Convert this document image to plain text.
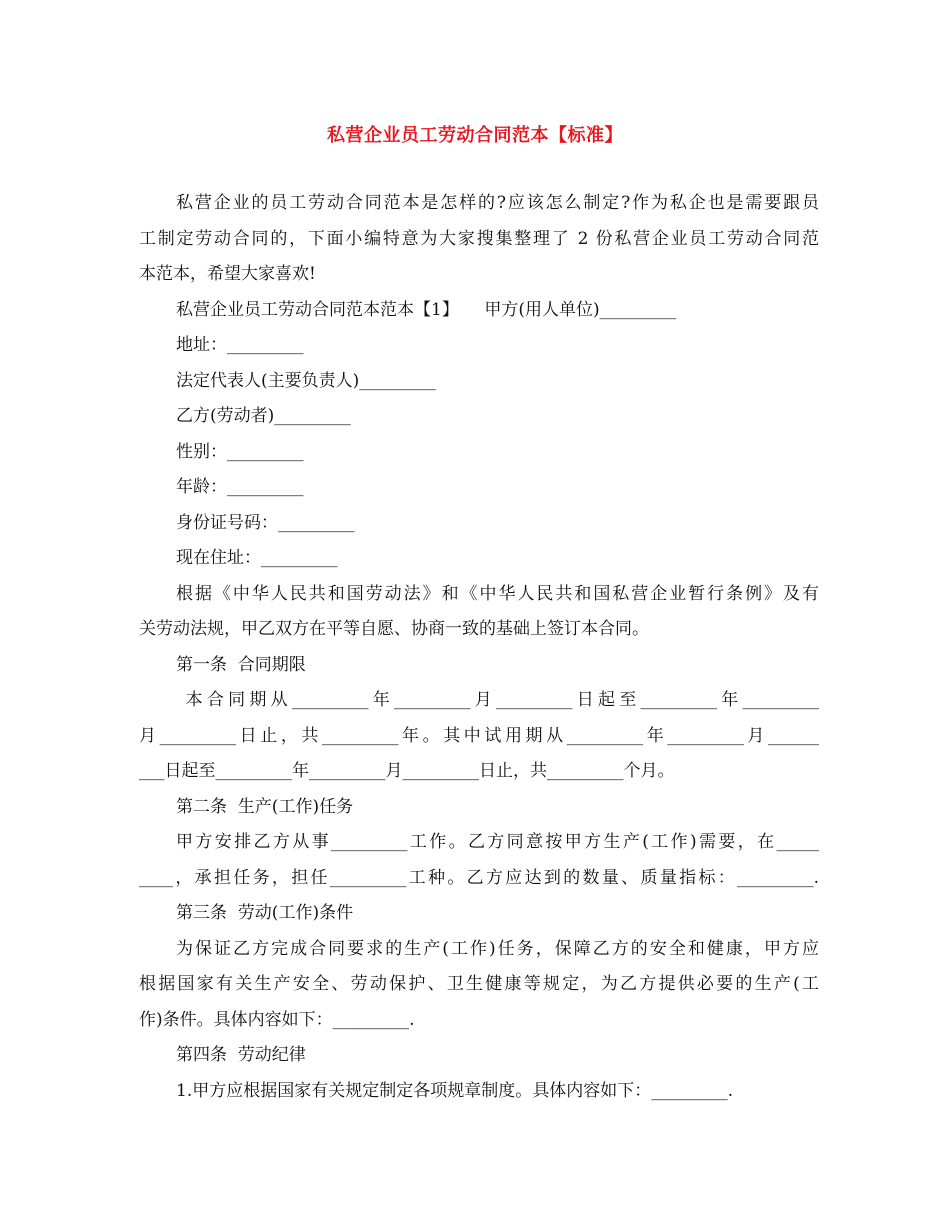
私营企业员工劳动合同范本【标准】
私营企业的员工劳动合同范本是怎样的?应该怎么制定?作为私企也是需要跟员
工制定劳动合同的，下面小编特意为大家搜集整理了 2 份私营企业员工劳动合同范
本范本，希望大家喜欢!
私营企业员工劳动合同范本范本【1】　　甲方(用人单位)_________
地址：_________
法定代表人(主要负责人)_________
乙方(劳动者)_________
性别：_________
年龄：_________
身份证号码：_________
现在住址：_________
根据《中华人民共和国劳动法》和《中华人民共和国私营企业暂行条例》及有
关劳动法规，甲乙双方在平等自愿、协商一致的基础上签订本合同。
第一条  合同期限
本合同期从_________年_________月_________日起至_________年_________
月_________日止，共_________年。其中试用期从_________年_________月______
___日起至_________年_________月_________日止，共_________个月。
第二条  生产(工作)任务
甲方安排乙方从事_________工作。乙方同意按甲方生产(工作)需要，在_____
____，承担任务，担任_________工种。乙方应达到的数量、质量指标：_________.
第三条  劳动(工作)条件
为保证乙方完成合同要求的生产(工作)任务，保障乙方的安全和健康，甲方应
根据国家有关生产安全、劳动保护、卫生健康等规定，为乙方提供必要的生产(工
作)条件。具体内容如下：_________.
第四条  劳动纪律
1.甲方应根据国家有关规定制定各项规章制度。具体内容如下：_________.
